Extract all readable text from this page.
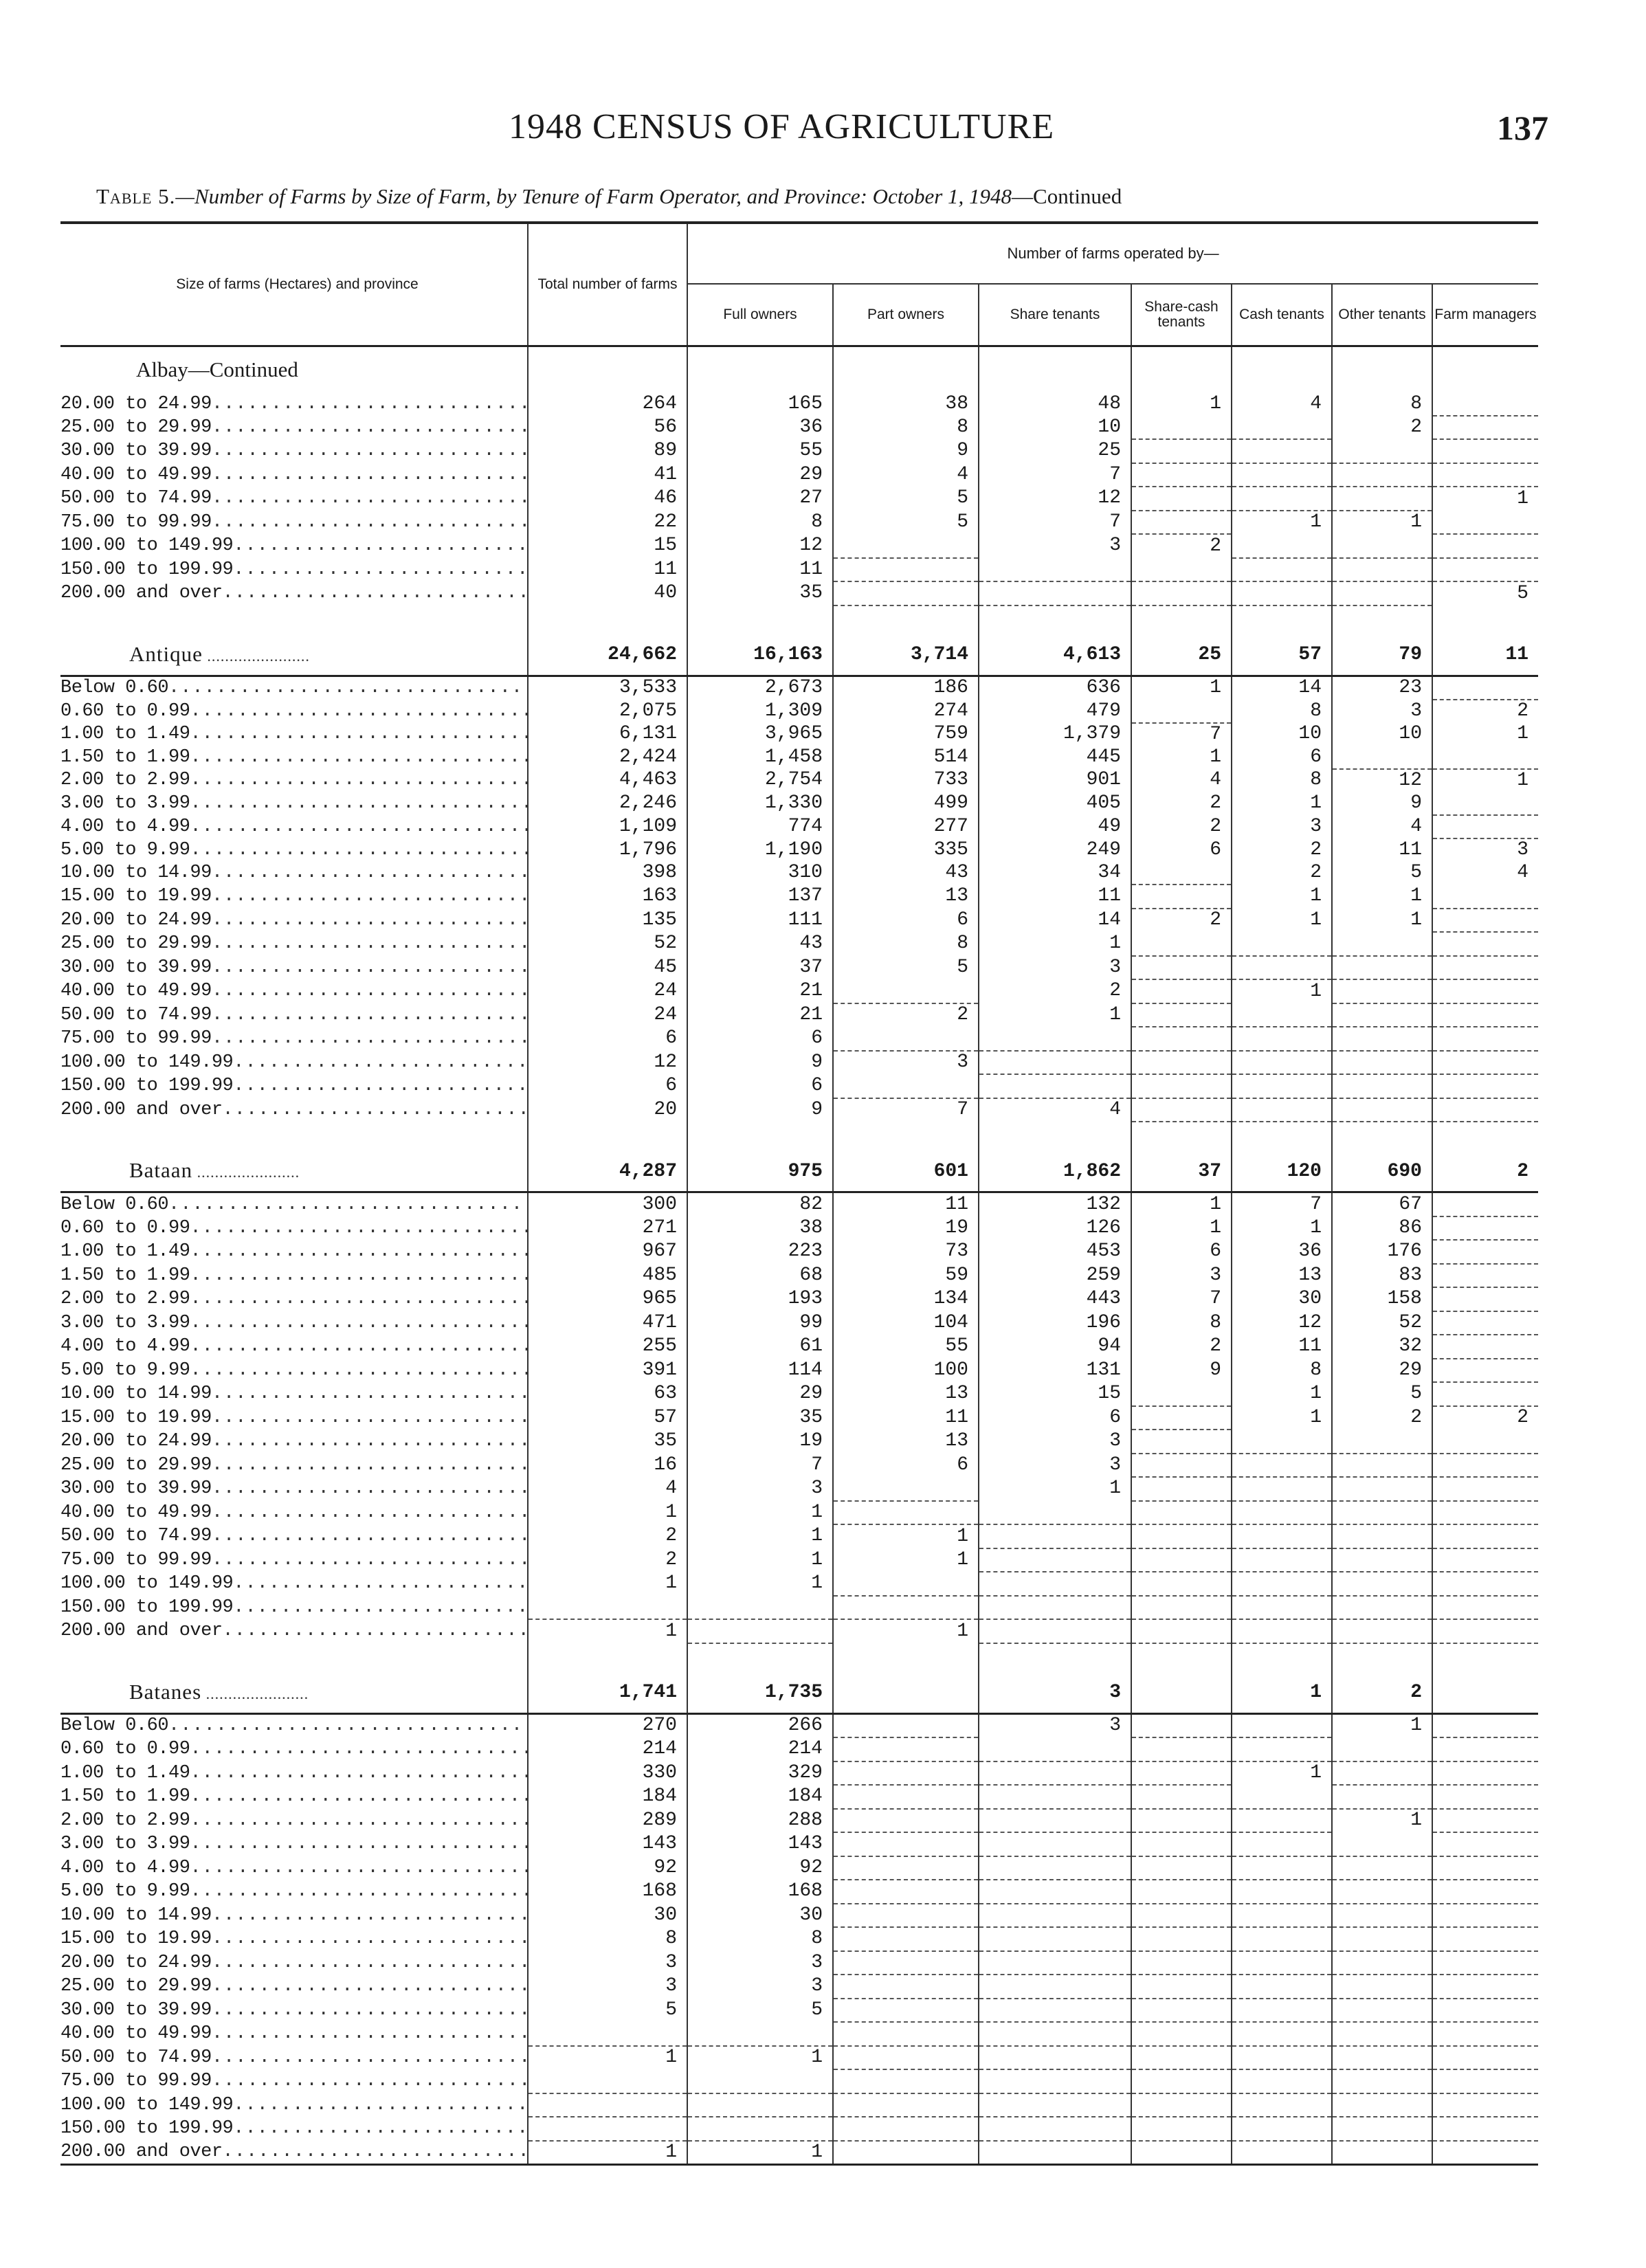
1948 CENSUS OF AGRICULTURE	137
Table 5.—Number of Farms by Size of Farm, by Tenure of Farm Operator, and Province: October 1, 1948—Continued
Size of farms (Hectares) and province	Total number of farms	Number of farms operated by—						
		Full owners	Part owners	Share tenants	Share-cash tenants	Cash tenants	Other tenants	Farm managers
Albay—Continued								
20.00 to 24.99 .....	264	165	38	48	1	4	8	
25.00 to 29.99 .....	56	36	8	10			2	
30.00 to 39.99 .....	89	55	9	25				
40.00 to 49.99 .....	41	29	4	7				
50.00 to 74.99 .....	46	27	5	12				1
75.00 to 99.99 .....	22	8	5	7		1	1	
100.00 to 149.99 .....	15	12		3	2			
150.00 to 199.99 .....	11	11						
200.00 and over .....	40	35						5

Antique .....	24,662	16,163	3,714	4,613	25	57	79	11
Below 0.60 .....	3,533	2,673	186	636	1	14	23	
0.60 to 0.99 .....	2,075	1,309	274	479		8	3	2
1.00 to 1.49 .....	6,131	3,965	759	1,379	7	10	10	1
1.50 to 1.99 .....	2,424	1,458	514	445	1	6		
2.00 to 2.99 .....	4,463	2,754	733	901	4	8	12	1
3.00 to 3.99 .....	2,246	1,330	499	405	2	1	9	
4.00 to 4.99 .....	1,109	774	277	49	2	3	4	
5.00 to 9.99 .....	1,796	1,190	335	249	6	2	11	3
10.00 to 14.99 .....	398	310	43	34		2	5	4
15.00 to 19.99 .....	163	137	13	11		1	1	
20.00 to 24.99 .....	135	111	6	14	2	1	1	
25.00 to 29.99 .....	52	43	8	1				
30.00 to 39.99 .....	45	37	5	3				
40.00 to 49.99 .....	24	21		2		1		
50.00 to 74.99 .....	24	21	2	1				
75.00 to 99.99 .....	6	6						
100.00 to 149.99 .....	12	9	3					
150.00 to 199.99 .....	6	6						
200.00 and over .....	20	9	7	4				

Bataan .....	4,287	975	601	1,862	37	120	690	2
Below 0.60 .....	300	82	11	132	1	7	67	
0.60 to 0.99 .....	271	38	19	126	1	1	86	
1.00 to 1.49 .....	967	223	73	453	6	36	176	
1.50 to 1.99 .....	485	68	59	259	3	13	83	
2.00 to 2.99 .....	965	193	134	443	7	30	158	
3.00 to 3.99 .....	471	99	104	196	8	12	52	
4.00 to 4.99 .....	255	61	55	94	2	11	32	
5.00 to 9.99 .....	391	114	100	131	9	8	29	
10.00 to 14.99 .....	63	29	13	15		1	5	
15.00 to 19.99 .....	57	35	11	6		1	2	2
20.00 to 24.99 .....	35	19	13	3				
25.00 to 29.99 .....	16	7	6	3				
30.00 to 39.99 .....	4	3		1				
40.00 to 49.99 .....	1	1						
50.00 to 74.99 .....	2	1	1					
75.00 to 99.99 .....	2	1	1					
100.00 to 149.99 .....	1	1						
150.00 to 199.99 .....								
200.00 and over .....	1		1					

Batanes .....	1,741	1,735		3		1	2	
Below 0.60 .....	270	266		3			1	
0.60 to 0.99 .....	214	214						
1.00 to 1.49 .....	330	329				1		
1.50 to 1.99 .....	184	184						
2.00 to 2.99 .....	289	288					1	
3.00 to 3.99 .....	143	143						
4.00 to 4.99 .....	92	92						
5.00 to 9.99 .....	168	168						
10.00 to 14.99 .....	30	30						
15.00 to 19.99 .....	8	8						
20.00 to 24.99 .....	3	3						
25.00 to 29.99 .....	3	3						
30.00 to 39.99 .....	5	5						
40.00 to 49.99 .....								
50.00 to 74.99 .....	1	1						
75.00 to 99.99 .....								
100.00 to 149.99 .....								
150.00 to 199.99 .....								
200.00 and over .....	1	1						
